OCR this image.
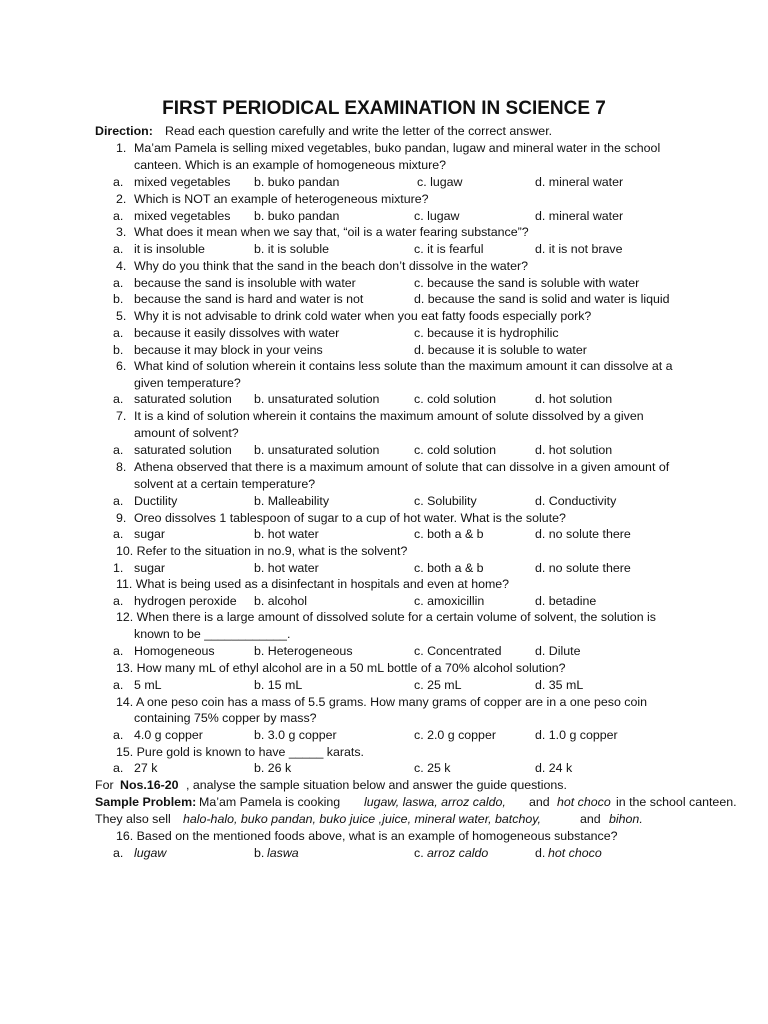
FIRST PERIODICAL EXAMINATION IN SCIENCE 7
Direction: Read each question carefully and write the letter of the correct answer.
1. Ma’am Pamela is selling mixed vegetables, buko pandan, lugaw and mineral water in the school
canteen. Which is an example of homogeneous mixture?
a. mixed vegetables b. buko pandan	c. lugaw	d. mineral water
2. Which is NOT an example of heterogeneous mixture?
a. mixed vegetables b. buko pandan	c. lugaw	d. mineral water
3. What does it mean when we say that, “oil is a water fearing substance”?
a. it is insoluble	b. it is soluble	c. it is fearful	d. it is not brave
4. Why do you think that the sand in the beach don’t dissolve in the water?
a. because the sand is insoluble with water	c. because the sand is soluble with water
b. because the sand is hard and water is not	d. because the sand is solid and water is liquid
5. Why it is not advisable to drink cold water when you eat fatty foods especially pork?
a. because it easily dissolves with water	c. because it is hydrophilic
b. because it may block in your veins	d. because it is soluble to water
6. What kind of solution wherein it contains less solute than the maximum amount it can dissolve at a
given temperature?
a. saturated solution b. unsaturated solution	c. cold solution	d. hot solution
7. It is a kind of solution wherein it contains the maximum amount of solute dissolved by a given
amount of solvent?
a. saturated solution b. unsaturated solution	c. cold solution	d. hot solution
8. Athena observed that there is a maximum amount of solute that can dissolve in a given amount of
solvent at a certain temperature?
a. Ductility	b. Malleability	c. Solubility	d. Conductivity
9. Oreo dissolves 1 tablespoon of sugar to a cup of hot water. What is the solute?
a. sugar	b. hot water	c. both a & b	d. no solute there
10. Refer to the situation in no.9, what is the solvent?
1. sugar	b. hot water	c. both a & b	d. no solute there
11. What is being used as a disinfectant in hospitals and even at home?
a. hydrogen peroxide b. alcohol	c. amoxicillin	d. betadine
12. When there is a large amount of dissolved solute for a certain volume of solvent, the solution is
known to be ____________.
a. Homogeneous	b. Heterogeneous	c. Concentrated	d. Dilute
13. How many mL of ethyl alcohol are in a 50 mL bottle of a 70% alcohol solution?
a. 5 mL	b. 15 mL	c. 25 mL	d. 35 mL
14. A one peso coin has a mass of 5.5 grams. How many grams of copper are in a one peso coin
containing 75% copper by mass?
a. 4.0 g copper	b. 3.0 g copper	c. 2.0 g copper	d. 1.0 g copper
15. Pure gold is known to have _____ karats.
a. 27 k	b. 26 k	c. 25 k	d. 24 k
For Nos.16-20 , analyse the sample situation below and answer the guide questions.
Sample Problem: Ma’am Pamela is cooking lugaw, laswa, arroz caldo, and hot choco in the school canteen.
They also sell halo-halo, buko pandan, buko juice ,juice, mineral water, batchoy,	and bihon.
16. Based on the mentioned foods above, what is an example of homogeneous substance?
a. lugaw	b. laswa	c. arroz caldo	d. hot choco
